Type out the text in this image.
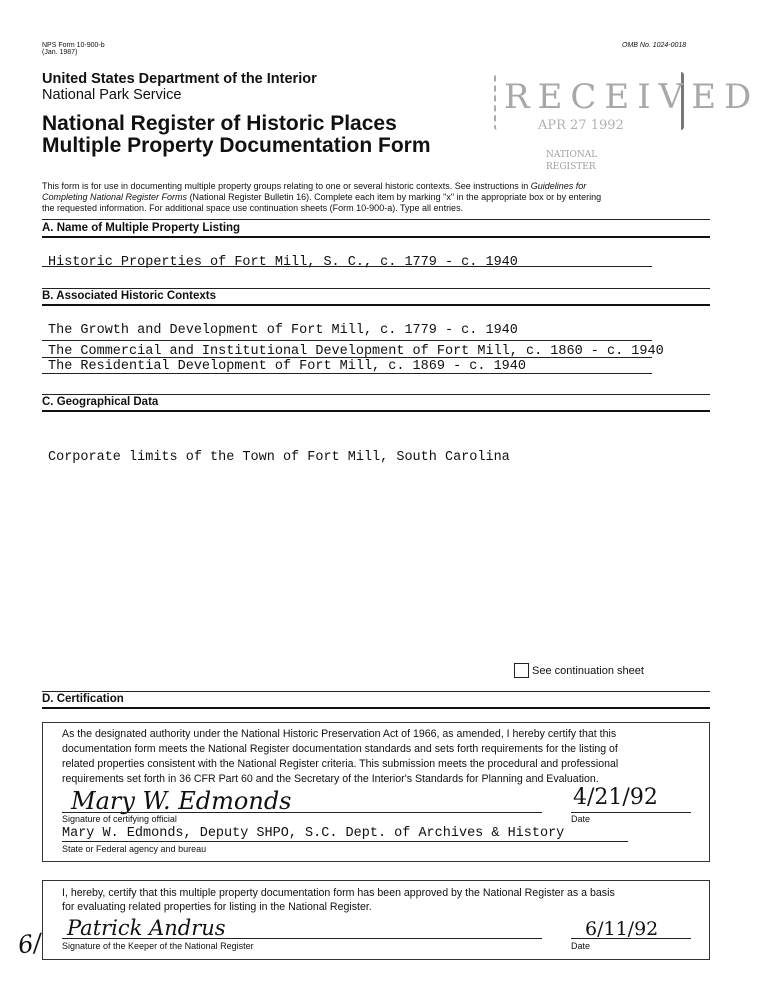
NPS Form 10-900-b
(Jan. 1987)
OMB No. 1024-0018
United States Department of the Interior
National Park Service
National Register of Historic Places
Multiple Property Documentation Form
RECEIVED
APR 27 1992
NATIONAL
REGISTER
This form is for use in documenting multiple property groups relating to one or several historic contexts. See instructions in Guidelines for
Completing National Register Forms (National Register Bulletin 16). Complete each item by marking "x" in the appropriate box or by entering
the requested information. For additional space use continuation sheets (Form 10-900-a). Type all entries.
A. Name of Multiple Property Listing
Historic Properties of Fort Mill, S. C., c. 1779 - c. 1940
B. Associated Historic Contexts
The Growth and Development of Fort Mill, c. 1779 - c. 1940
The Commercial and Institutional Development of Fort Mill, c. 1860 - c. 1940
The Residential Development of Fort Mill, c. 1869 - c. 1940
C. Geographical Data
Corporate limits of the Town of Fort Mill, South Carolina
See continuation sheet
D. Certification
As the designated authority under the National Historic Preservation Act of 1966, as amended, I hereby certify that this
documentation form meets the National Register documentation standards and sets forth requirements for the listing of
related properties consistent with the National Register criteria. This submission meets the procedural and professional
requirements set forth in 36 CFR Part 60 and the Secretary of the Interior's Standards for Planning and Evaluation.
Mary W. Edmonds	4/21/92
Signature of certifying official	Date
Mary W. Edmonds, Deputy SHPO, S.C. Dept. of Archives & History
State or Federal agency and bureau
I, hereby, certify that this multiple property documentation form has been approved by the National Register as a basis
for evaluating related properties for listing in the National Register.
Patrick Andrus	6/11/92
Signature of the Keeper of the National Register	Date
6/
